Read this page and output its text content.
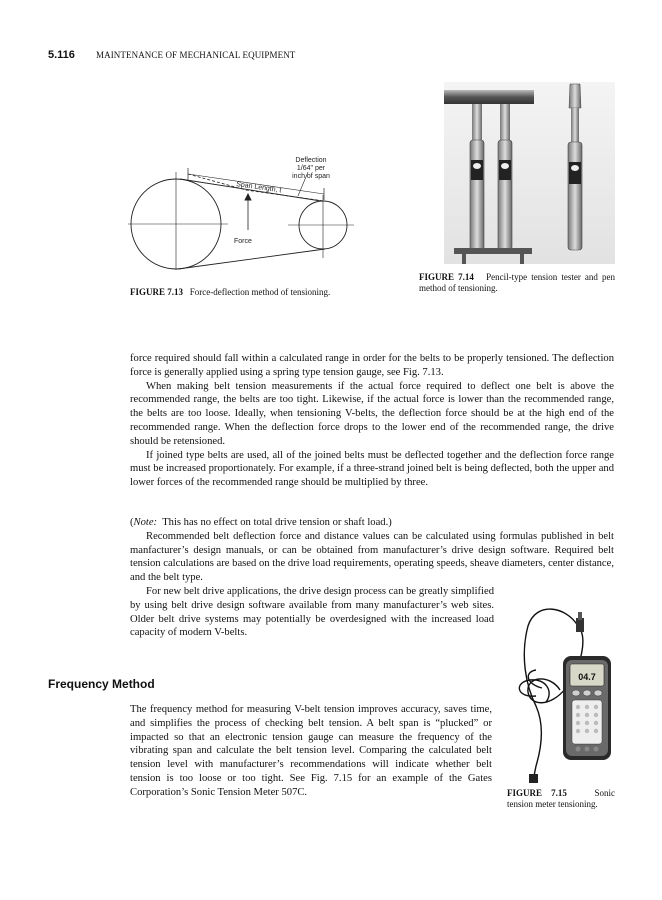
5.116 MAINTENANCE OF MECHANICAL EQUIPMENT
Deflection
1/64" per
inch of span
Span Length, t
Force
FIGURE 7.13 Force-deflection method of tensioning.
FIGURE 7.14 Pencil-type tension tester and pen method of tensioning.

force required should fall within a calculated range in order for the belts to be properly tensioned. The deflection force is generally applied using a spring type tension gauge, see Fig. 7.13.

When making belt tension measurements if the actual force required to deflect one belt is above the recommended range, the belts are too tight. Likewise, if the actual force is lower than the recommended range, the belts are too loose. Ideally, when tensioning V-belts, the deflection force should be at the high end of the recommended range. When the deflection force drops to the lower end of the recommended range, the drive should be retensioned.

If joined type belts are used, all of the joined belts must be deflected together and the deflection force range must be increased proportionately. For example, if a three-strand joined belt is being deflected, both the upper and lower forces of the recommended range should be multiplied by three.

(Note: This has no effect on total drive tension or shaft load.)

Recommended belt deflection force and distance values can be calculated using formulas published in belt manfacturer’s design manuals, or can be obtained from manufacturer’s drive design software. Required belt tension calculations are based on the drive load requirements, operating speeds, sheave diameters, center distance, and the belt type.

For new belt drive applications, the drive design process can be greatly simplified by using belt drive design software available from many manufacturer’s web sites. Older belt drive systems may potentially be overdesigned with the increased load capacity of modern V-belts.

Frequency Method

The frequency method for measuring V-belt tension improves accuracy, saves time, and simplifies the process of checking belt tension. A belt span is “plucked” or impacted so that an electronic tension gauge can measure the frequency of the vibrating span and calculate the belt tension level. Comparing the calculated belt tension level with manufacturer’s recommendations will indicate whether belt tension is too loose or too tight. See Fig. 7.15 for an example of the Gates Corporation’s Sonic Tension Meter 507C.

04.7
FIGURE 7.15	Sonic tension meter tensioning.
